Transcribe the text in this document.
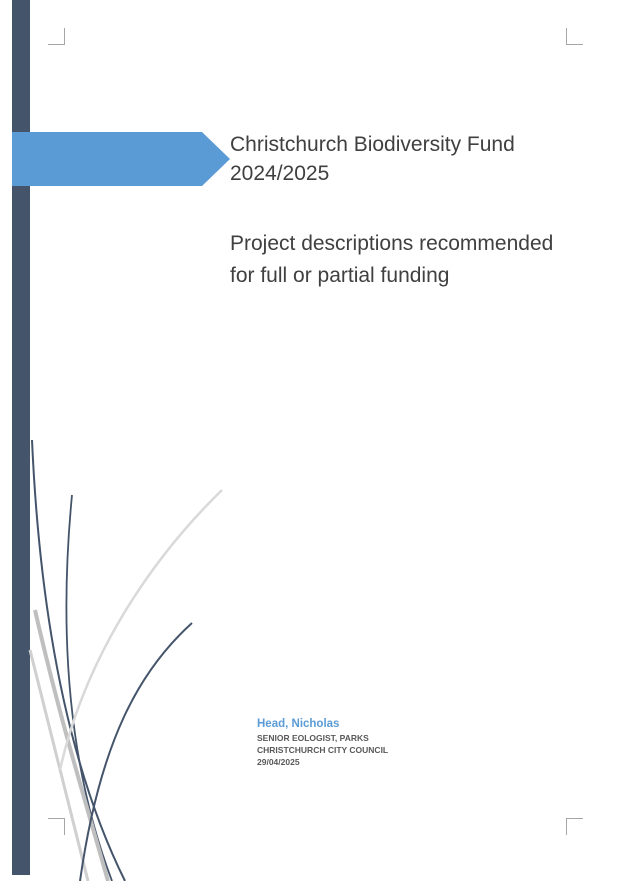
Christchurch Biodiversity Fund
2024/2025
Project descriptions recommended
for full or partial funding
Head, Nicholas
SENIOR EOLOGIST, PARKS
CHRISTCHURCH CITY COUNCIL
29/04/2025
